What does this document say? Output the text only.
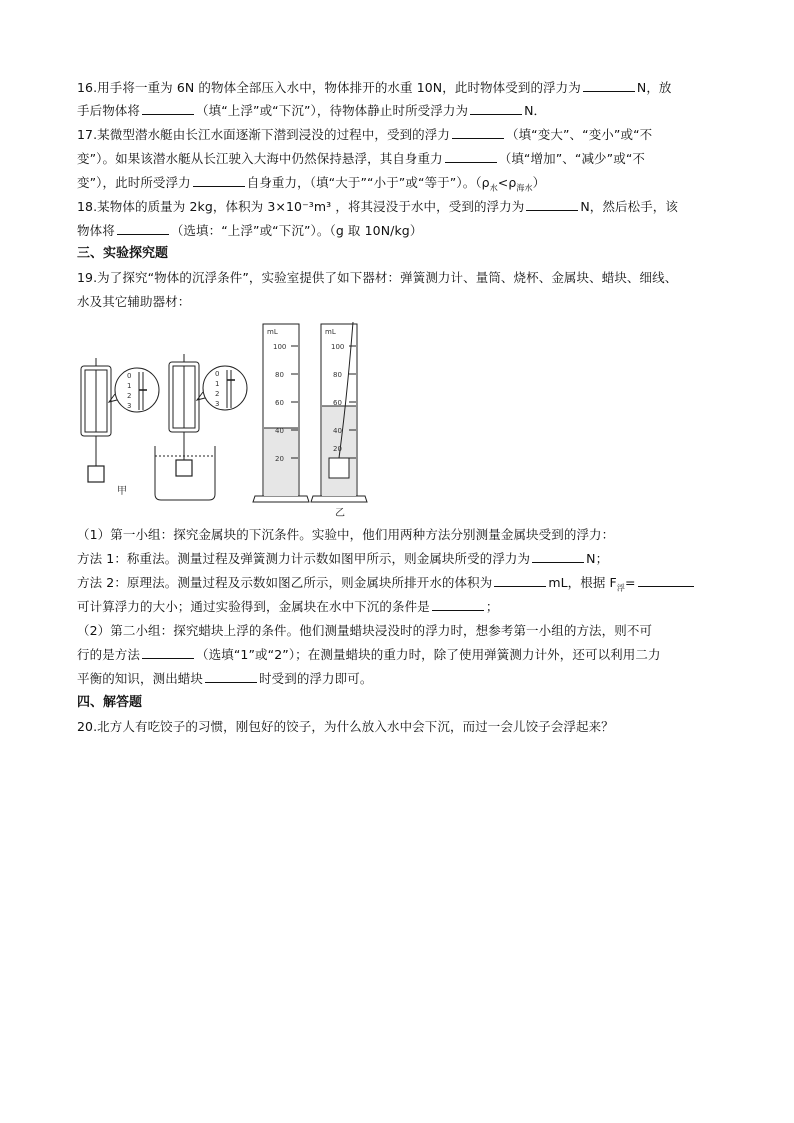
16.用手将一重为 6N 的物体全部压入水中，物体排开的水重 10N，此时物体受到的浮力为	N，放
手后物体将	（填“上浮”或“下沉”），待物体静止时所受浮力为	N．
17.某微型潜水艇由长江水面逐渐下潜到浸没的过程中，受到的浮力	（填“变大”、“变小”或“不
变”）。如果该潜水艇从长江驶入大海中仍然保持悬浮，其自身重力	（填“增加”、“减少”或“不
变”），此时所受浮力	自身重力，（填“大于”“小于”或“等于”）。$(\rho_水<\rho_{海水})$
18.某物体的质量为 2kg，体积为 3×10⁻³m³ ，将其浸没于水中，受到的浮力为	N，然后松手，该
物体将	（选填：“上浮”或“下沉”）。（g 取 10N/kg）
三、实验探究题
19.为了探究“物体的沉浮条件”，实验室提供了如下器材：弹簧测力计、量筒、烧杯、金属块、蜡块、细线、
水及其它辅助器材：
0
1
2
3
0
1
2
3
mL
100
80
60
40
20
mL
100
80
60
40
20
甲
乙
（1）第一小组：探究金属块的下沉条件。实验中，他们用两种方法分别测量金属块受到的浮力：
方法 1：称重法。测量过程及弹簧测力计示数如图甲所示，则金属块所受的浮力为	N；
方法 2：原理法。测量过程及示数如图乙所示，则金属块所排开水的体积为	mL，根据 $F_浮=$
可计算浮力的大小；通过实验得到，金属块在水中下沉的条件是	；
（2）第二小组：探究蜡块上浮的条件。他们测量蜡块浸没时的浮力时，想参考第一小组的方法，则不可
行的是方法	（选填“1”或“2”）；在测量蜡块的重力时，除了使用弹簧测力计外，还可以利用二力
平衡的知识，测出蜡块	时受到的浮力即可。
四、解答题
20.北方人有吃饺子的习惯，刚包好的饺子，为什么放入水中会下沉，而过一会儿饺子会浮起来？
